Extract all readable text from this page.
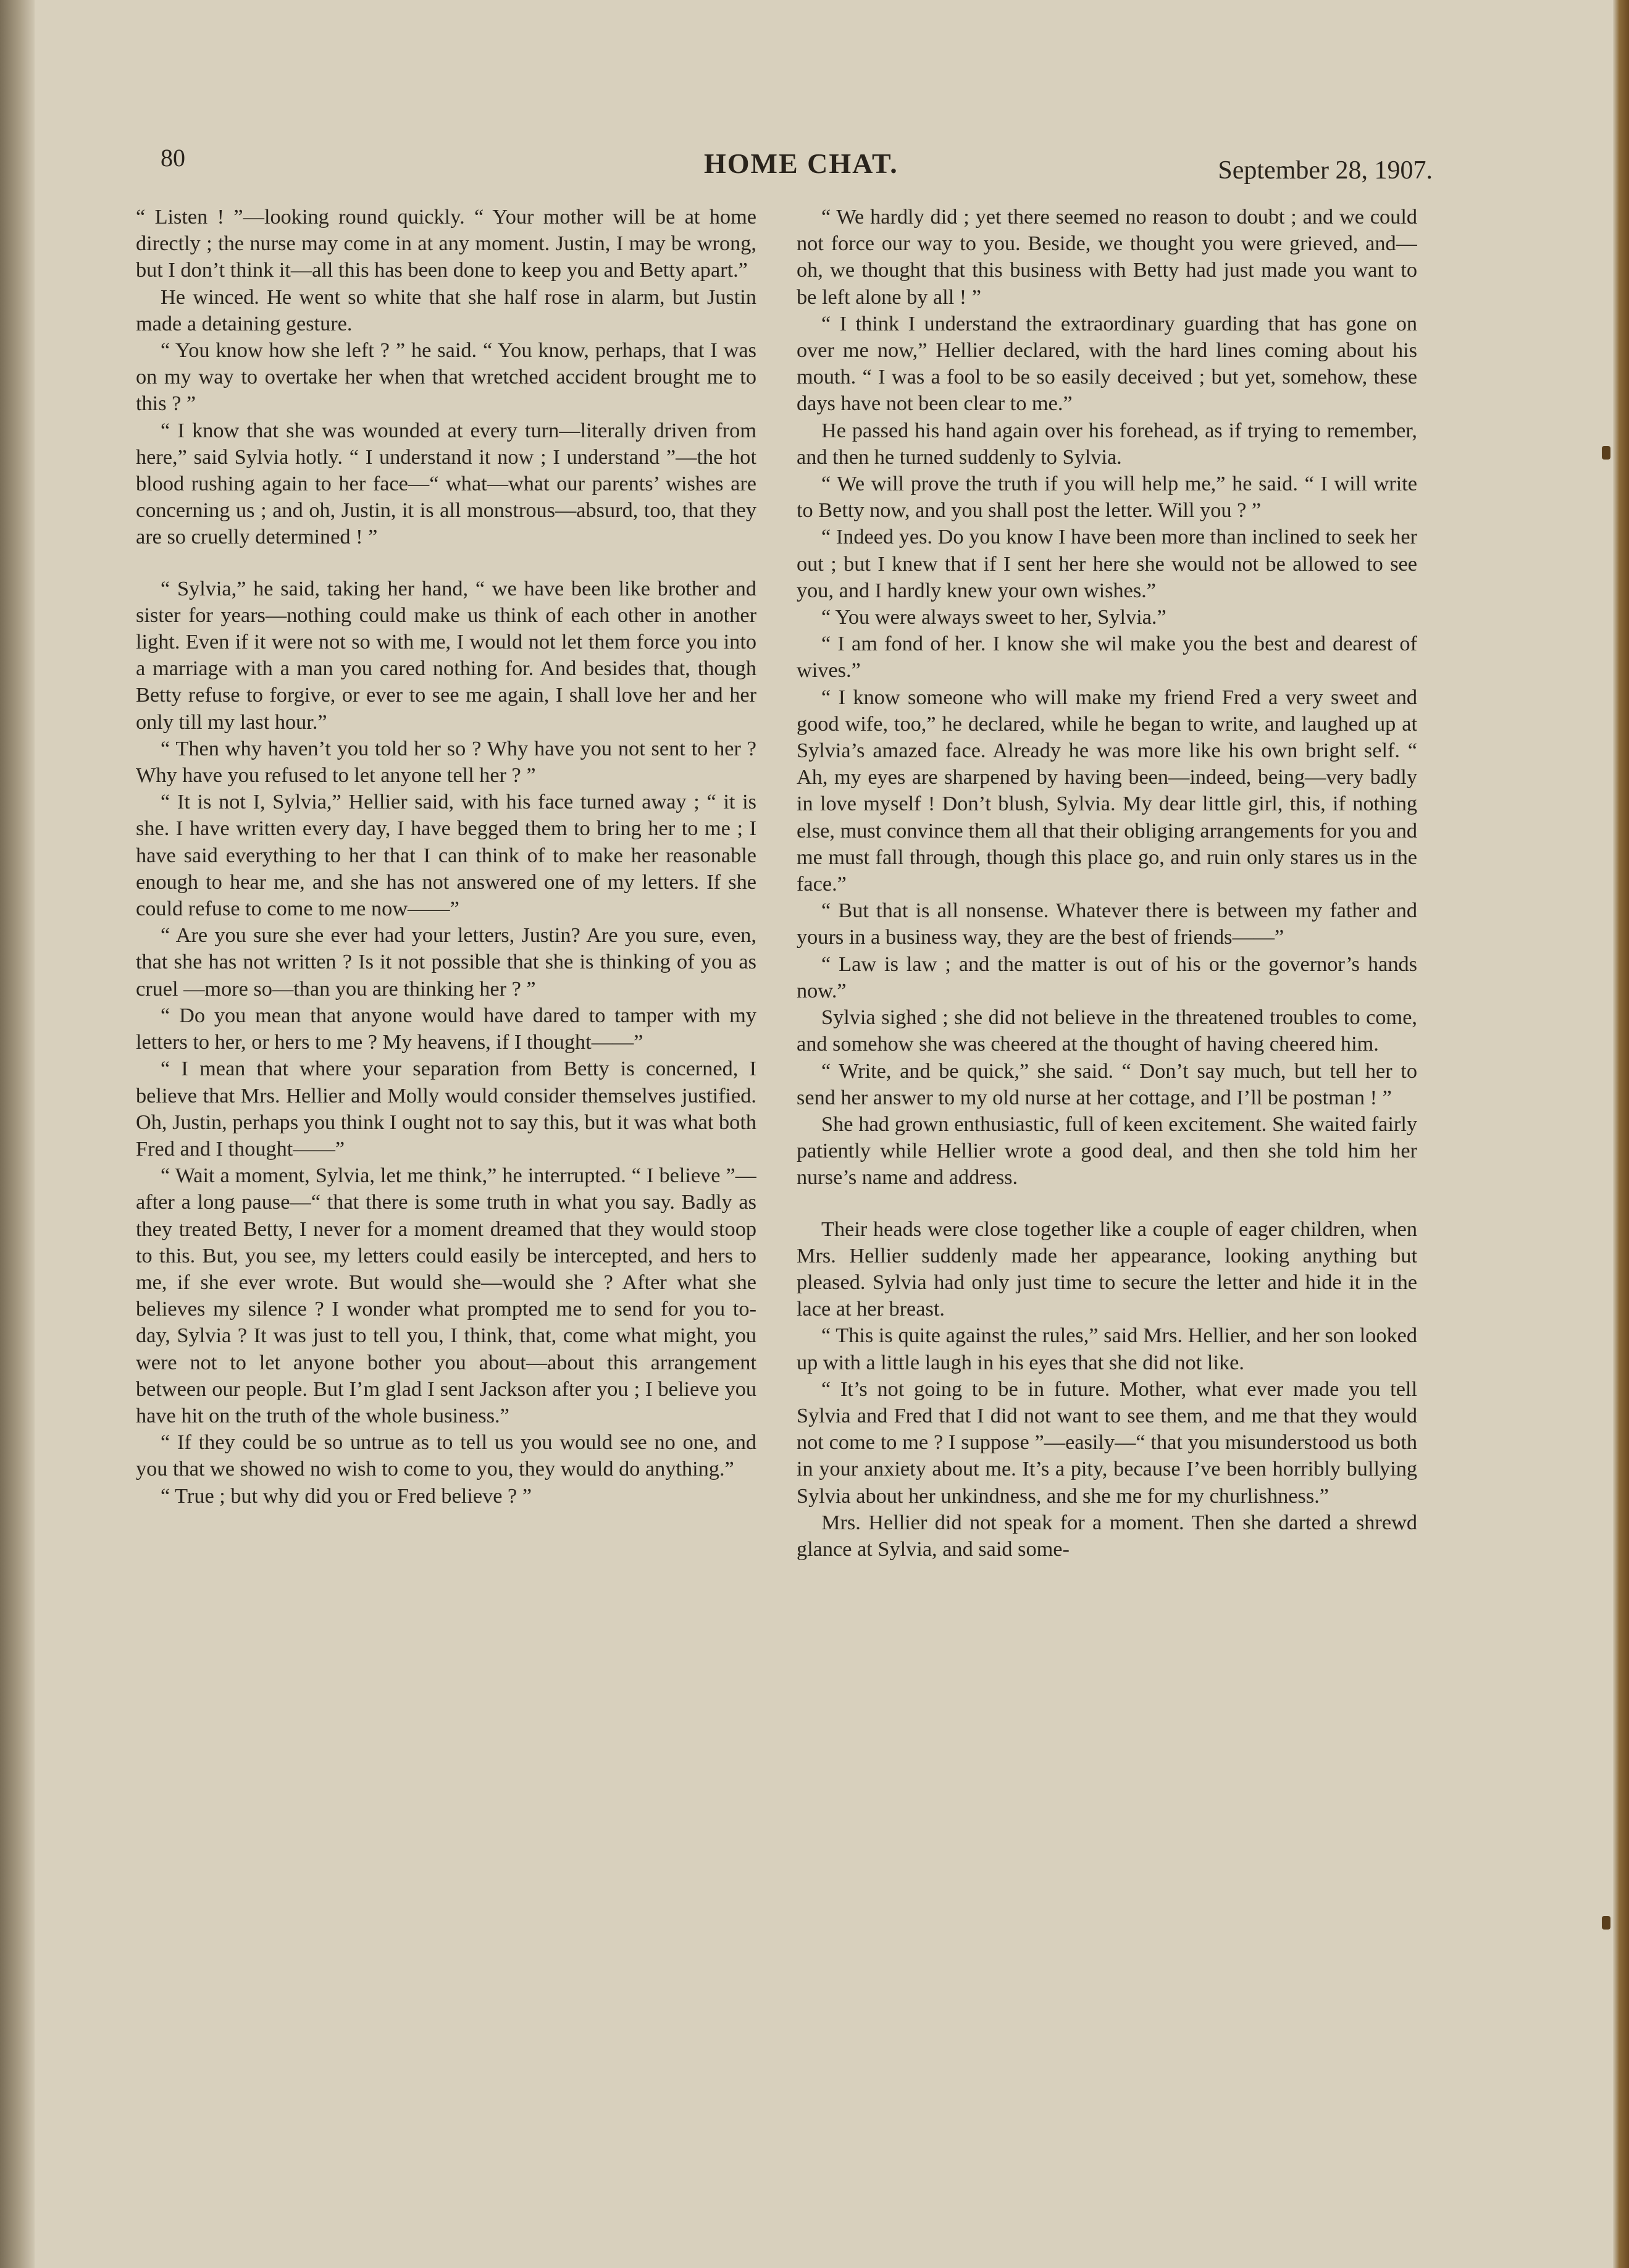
80	HOME CHAT.	September 28, 1907.

“ Listen ! ”—looking round quickly. “ Your mother will be at home directly ; the nurse may come in at any moment. Justin, I may be wrong, but I don’t think it—all this has been done to keep you and Betty apart.”

He winced. He went so white that she half rose in alarm, but Justin made a detaining gesture.

“ You know how she left ? ” he said. “ You know, perhaps, that I was on my way to overtake her when that wretched accident brought me to this ? ”

“ I know that she was wounded at every turn—literally driven from here,” said Sylvia hotly. “ I understand it now ; I understand ”—the hot blood rushing again to her face—“ what—what our parents’ wishes are concerning us ; and oh, Justin, it is all monstrous—absurd, too, that they are so cruelly determined ! ”

“ Sylvia,” he said, taking her hand, “ we have been like brother and sister for years—nothing could make us think of each other in another light. Even if it were not so with me, I would not let them force you into a marriage with a man you cared nothing for. And besides that, though Betty refuse to forgive, or ever to see me again, I shall love her and her only till my last hour.”

“ Then why haven’t you told her so ? Why have you not sent to her ? Why have you refused to let anyone tell her ? ”

“ It is not I, Sylvia,” Hellier said, with his face turned away ; “ it is she. I have written every day, I have begged them to bring her to me ; I have said everything to her that I can think of to make her reasonable enough to hear me, and she has not answered one of my letters. If she could refuse to come to me now——”

“ Are you sure she ever had your letters, Justin? Are you sure, even, that she has not written ? Is it not possible that she is thinking of you as cruel —more so—than you are thinking her ? ”

“ Do you mean that anyone would have dared to tamper with my letters to her, or hers to me ? My heavens, if I thought——”

“ I mean that where your separation from Betty is concerned, I believe that Mrs. Hellier and Molly would consider themselves justified. Oh, Justin, perhaps you think I ought not to say this, but it was what both Fred and I thought——”

“ Wait a moment, Sylvia, let me think,” he interrupted. “ I believe ”—after a long pause—“ that there is some truth in what you say. Badly as they treated Betty, I never for a moment dreamed that they would stoop to this. But, you see, my letters could easily be intercepted, and hers to me, if she ever wrote. But would she—would she ? After what she believes my silence ? I wonder what prompted me to send for you to-day, Sylvia ? It was just to tell you, I think, that, come what might, you were not to let anyone bother you about—about this arrangement between our people. But I’m glad I sent Jackson after you ; I believe you have hit on the truth of the whole business.”

“ If they could be so untrue as to tell us you would see no one, and you that we showed no wish to come to you, they would do anything.”

“ True ; but why did you or Fred believe ? ”

“ We hardly did ; yet there seemed no reason to doubt ; and we could not force our way to you. Beside, we thought you were grieved, and—oh, we thought that this business with Betty had just made you want to be left alone by all ! ”

“ I think I understand the extraordinary guarding that has gone on over me now,” Hellier declared, with the hard lines coming about his mouth. “ I was a fool to be so easily deceived ; but yet, somehow, these days have not been clear to me.”

He passed his hand again over his forehead, as if trying to remember, and then he turned suddenly to Sylvia.

“ We will prove the truth if you will help me,” he said. “ I will write to Betty now, and you shall post the letter. Will you ? ”

“ Indeed yes. Do you know I have been more than inclined to seek her out ; but I knew that if I sent her here she would not be allowed to see you, and I hardly knew your own wishes.”

“ You were always sweet to her, Sylvia.”

“ I am fond of her. I know she wil make you the best and dearest of wives.”

“ I know someone who will make my friend Fred a very sweet and good wife, too,” he declared, while he began to write, and laughed up at Sylvia’s amazed face. Already he was more like his own bright self. “ Ah, my eyes are sharpened by having been—indeed, being—very badly in love myself ! Don’t blush, Sylvia. My dear little girl, this, if nothing else, must convince them all that their obliging arrangements for you and me must fall through, though this place go, and ruin only stares us in the face.”

“ But that is all nonsense. Whatever there is between my father and yours in a business way, they are the best of friends——”

“ Law is law ; and the matter is out of his or the governor’s hands now.”

Sylvia sighed ; she did not believe in the threatened troubles to come, and somehow she was cheered at the thought of having cheered him.

“ Write, and be quick,” she said. “ Don’t say much, but tell her to send her answer to my old nurse at her cottage, and I’ll be postman ! ”

She had grown enthusiastic, full of keen excitement. She waited fairly patiently while Hellier wrote a good deal, and then she told him her nurse’s name and address.

Their heads were close together like a couple of eager children, when Mrs. Hellier suddenly made her appearance, looking anything but pleased. Sylvia had only just time to secure the letter and hide it in the lace at her breast.

“ This is quite against the rules,” said Mrs. Hellier, and her son looked up with a little laugh in his eyes that she did not like.

“ It’s not going to be in future. Mother, what ever made you tell Sylvia and Fred that I did not want to see them, and me that they would not come to me ? I suppose ”—easily—“ that you misunderstood us both in your anxiety about me. It’s a pity, because I’ve been horribly bullying Sylvia about her unkindness, and she me for my churlishness.”

Mrs. Hellier did not speak for a moment. Then she darted a shrewd glance at Sylvia, and said some-
